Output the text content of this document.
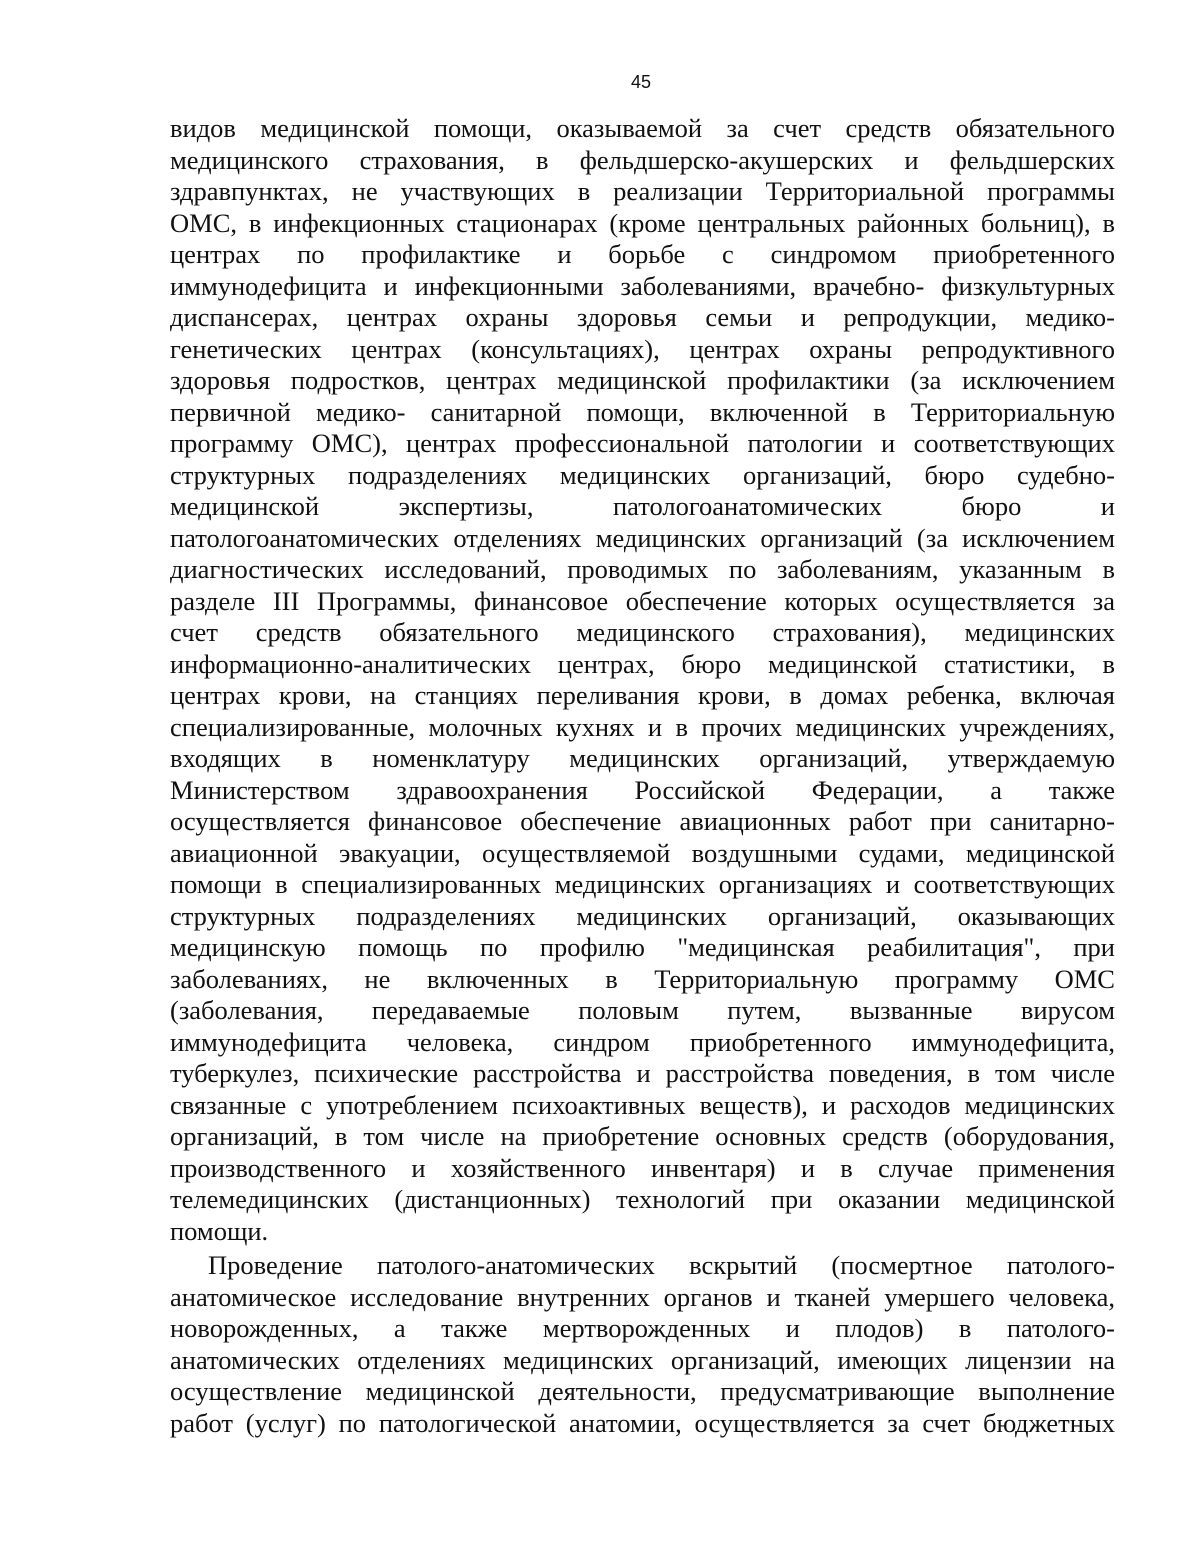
45
видов медицинской помощи, оказываемой за счет средств обязательного
медицинского страхования, в фельдшерско-акушерских и фельдшерских
здравпунктах, не участвующих в реализации Территориальной программы
ОМС, в инфекционных стационарах (кроме центральных районных больниц), в
центрах по профилактике и борьбе с синдромом приобретенного
иммунодефицита и инфекционными заболеваниями, врачебно- физкультурных
диспансерах, центрах охраны здоровья семьи и репродукции, медико-
генетических центрах (консультациях), центрах охраны репродуктивного
здоровья подростков, центрах медицинской профилактики (за исключением
первичной медико- санитарной помощи, включенной в Территориальную
программу ОМС), центрах профессиональной патологии и соответствующих
структурных подразделениях медицинских организаций, бюро судебно-
медицинской экспертизы, патологоанатомических бюро и
патологоанатомических отделениях медицинских организаций (за исключением
диагностических исследований, проводимых по заболеваниям, указанным в
разделе III Программы, финансовое обеспечение которых осуществляется за
счет средств обязательного медицинского страхования), медицинских
информационно-аналитических центрах, бюро медицинской статистики, в
центрах крови, на станциях переливания крови, в домах ребенка, включая
специализированные, молочных кухнях и в прочих медицинских учреждениях,
входящих в номенклатуру медицинских организаций, утверждаемую
Министерством здравоохранения Российской Федерации, а также
осуществляется финансовое обеспечение авиационных работ при санитарно-
авиационной эвакуации, осуществляемой воздушными судами, медицинской
помощи в специализированных медицинских организациях и соответствующих
структурных подразделениях медицинских организаций, оказывающих
медицинскую помощь по профилю "медицинская реабилитация", при
заболеваниях, не включенных в Территориальную программу ОМС
(заболевания, передаваемые половым путем, вызванные вирусом
иммунодефицита человека, синдром приобретенного иммунодефицита,
туберкулез, психические расстройства и расстройства поведения, в том числе
связанные с употреблением психоактивных веществ), и расходов медицинских
организаций, в том числе на приобретение основных средств (оборудования,
производственного и хозяйственного инвентаря) и в случае применения
телемедицинских (дистанционных) технологий при оказании медицинской
помощи.
Проведение патолого-анатомических вскрытий (посмертное патолого-
анатомическое исследование внутренних органов и тканей умершего человека,
новорожденных, а также мертворожденных и плодов) в патолого-
анатомических отделениях медицинских организаций, имеющих лицензии на
осуществление медицинской деятельности, предусматривающие выполнение
работ (услуг) по патологической анатомии, осуществляется за счет бюджетных
